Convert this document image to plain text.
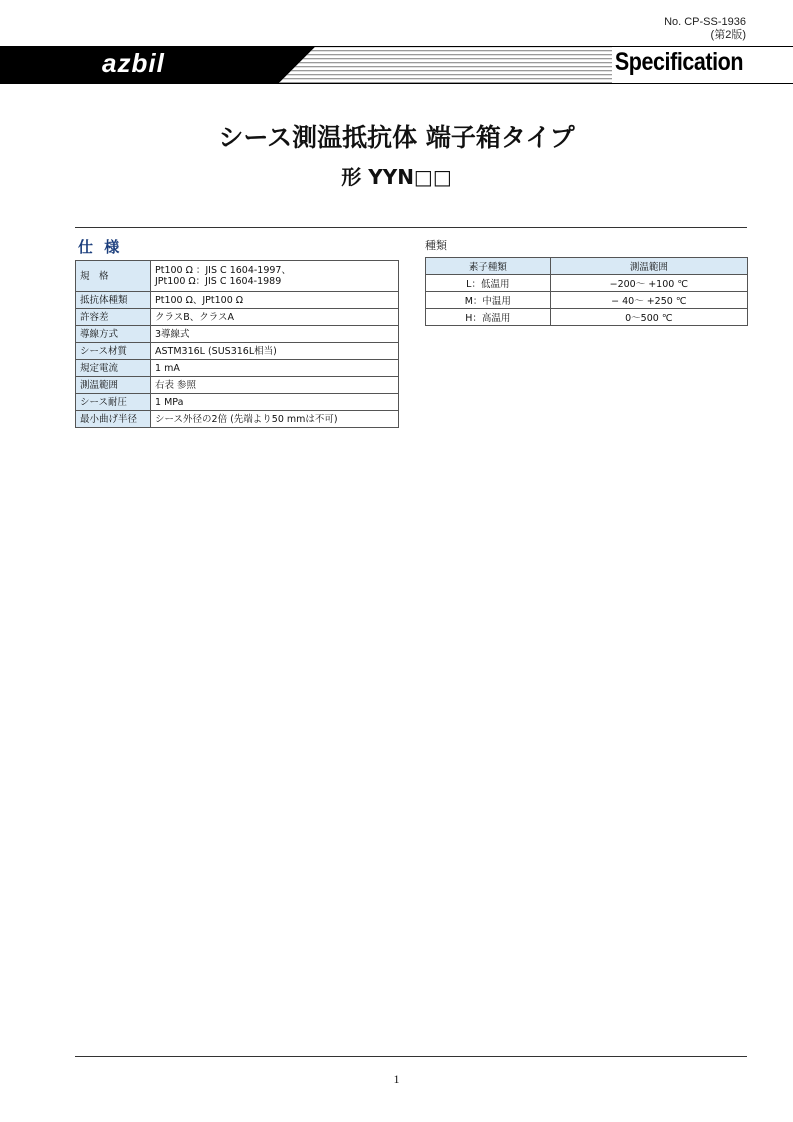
No. CP-SS-1936
(第2版)
azbil	Specification
シース測温抵抗体 端子箱タイプ
形 YYN□□
仕 様	種類
規　格	Pt100 Ω ：JIS C 1604-1997、
JPt100 Ω：JIS C 1604-1989

抵抗体種類	Pt100 Ω、JPt100 Ω
許容差	クラスB、クラスA
導線方式	3導線式
シース材質	ASTM316L (SUS316L相当)
規定電流	1 mA
測温範囲	右表 参照
シース耐圧	1 MPa
最小曲げ半径	シース外径の2倍 (先端より50 mmは不可)
素子種類	測温範囲
L：低温用	−200～ +100 ℃
M：中温用	− 40～ +250 ℃
H：高温用	0～500 ℃
1
